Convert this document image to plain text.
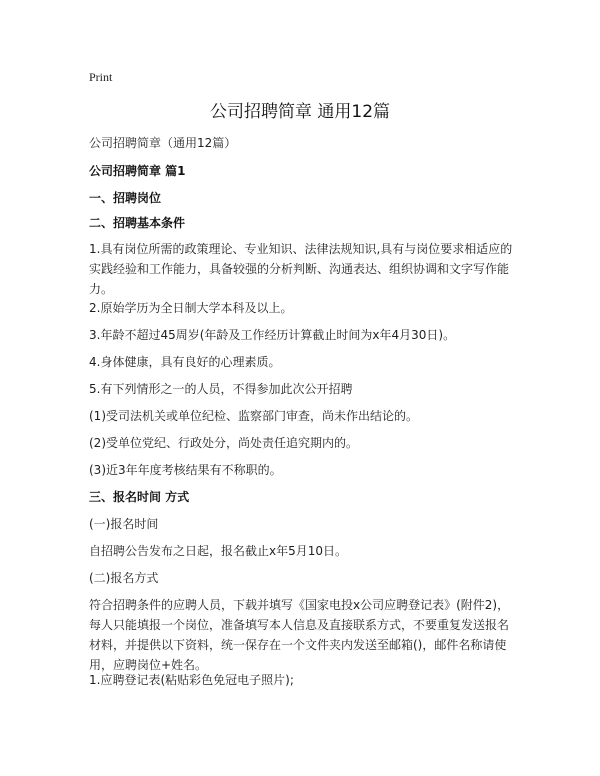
Print
公司招聘简章 通用12篇
公司招聘简章（通用12篇）
公司招聘简章 篇1
一、招聘岗位
二、招聘基本条件
1.具有岗位所需的政策理论、专业知识、法律法规知识,具有与岗位要求相适应的实践经验和工作能力，具备较强的分析判断、沟通表达、组织协调和文字写作能力。
2.原始学历为全日制大学本科及以上。
3.年龄不超过45周岁(年龄及工作经历计算截止时间为x年4月30日)。
4.身体健康，具有良好的心理素质。
5.有下列情形之一的人员，不得参加此次公开招聘
(1)受司法机关或单位纪检、监察部门审查，尚未作出结论的。
(2)受单位党纪、行政处分，尚处责任追究期内的。
(3)近3年年度考核结果有不称职的。
三、报名时间 方式
(一)报名时间
自招聘公告发布之日起，报名截止x年5月10日。
(二)报名方式
符合招聘条件的应聘人员，下载并填写《国家电投x公司应聘登记表》(附件2)，每人只能填报一个岗位，准备填写本人信息及直接联系方式，不要重复发送报名材料，并提供以下资料，统一保存在一个文件夹内发送至邮箱()，邮件名称请使用，应聘岗位+姓名。
1.应聘登记表(粘贴彩色免冠电子照片);
